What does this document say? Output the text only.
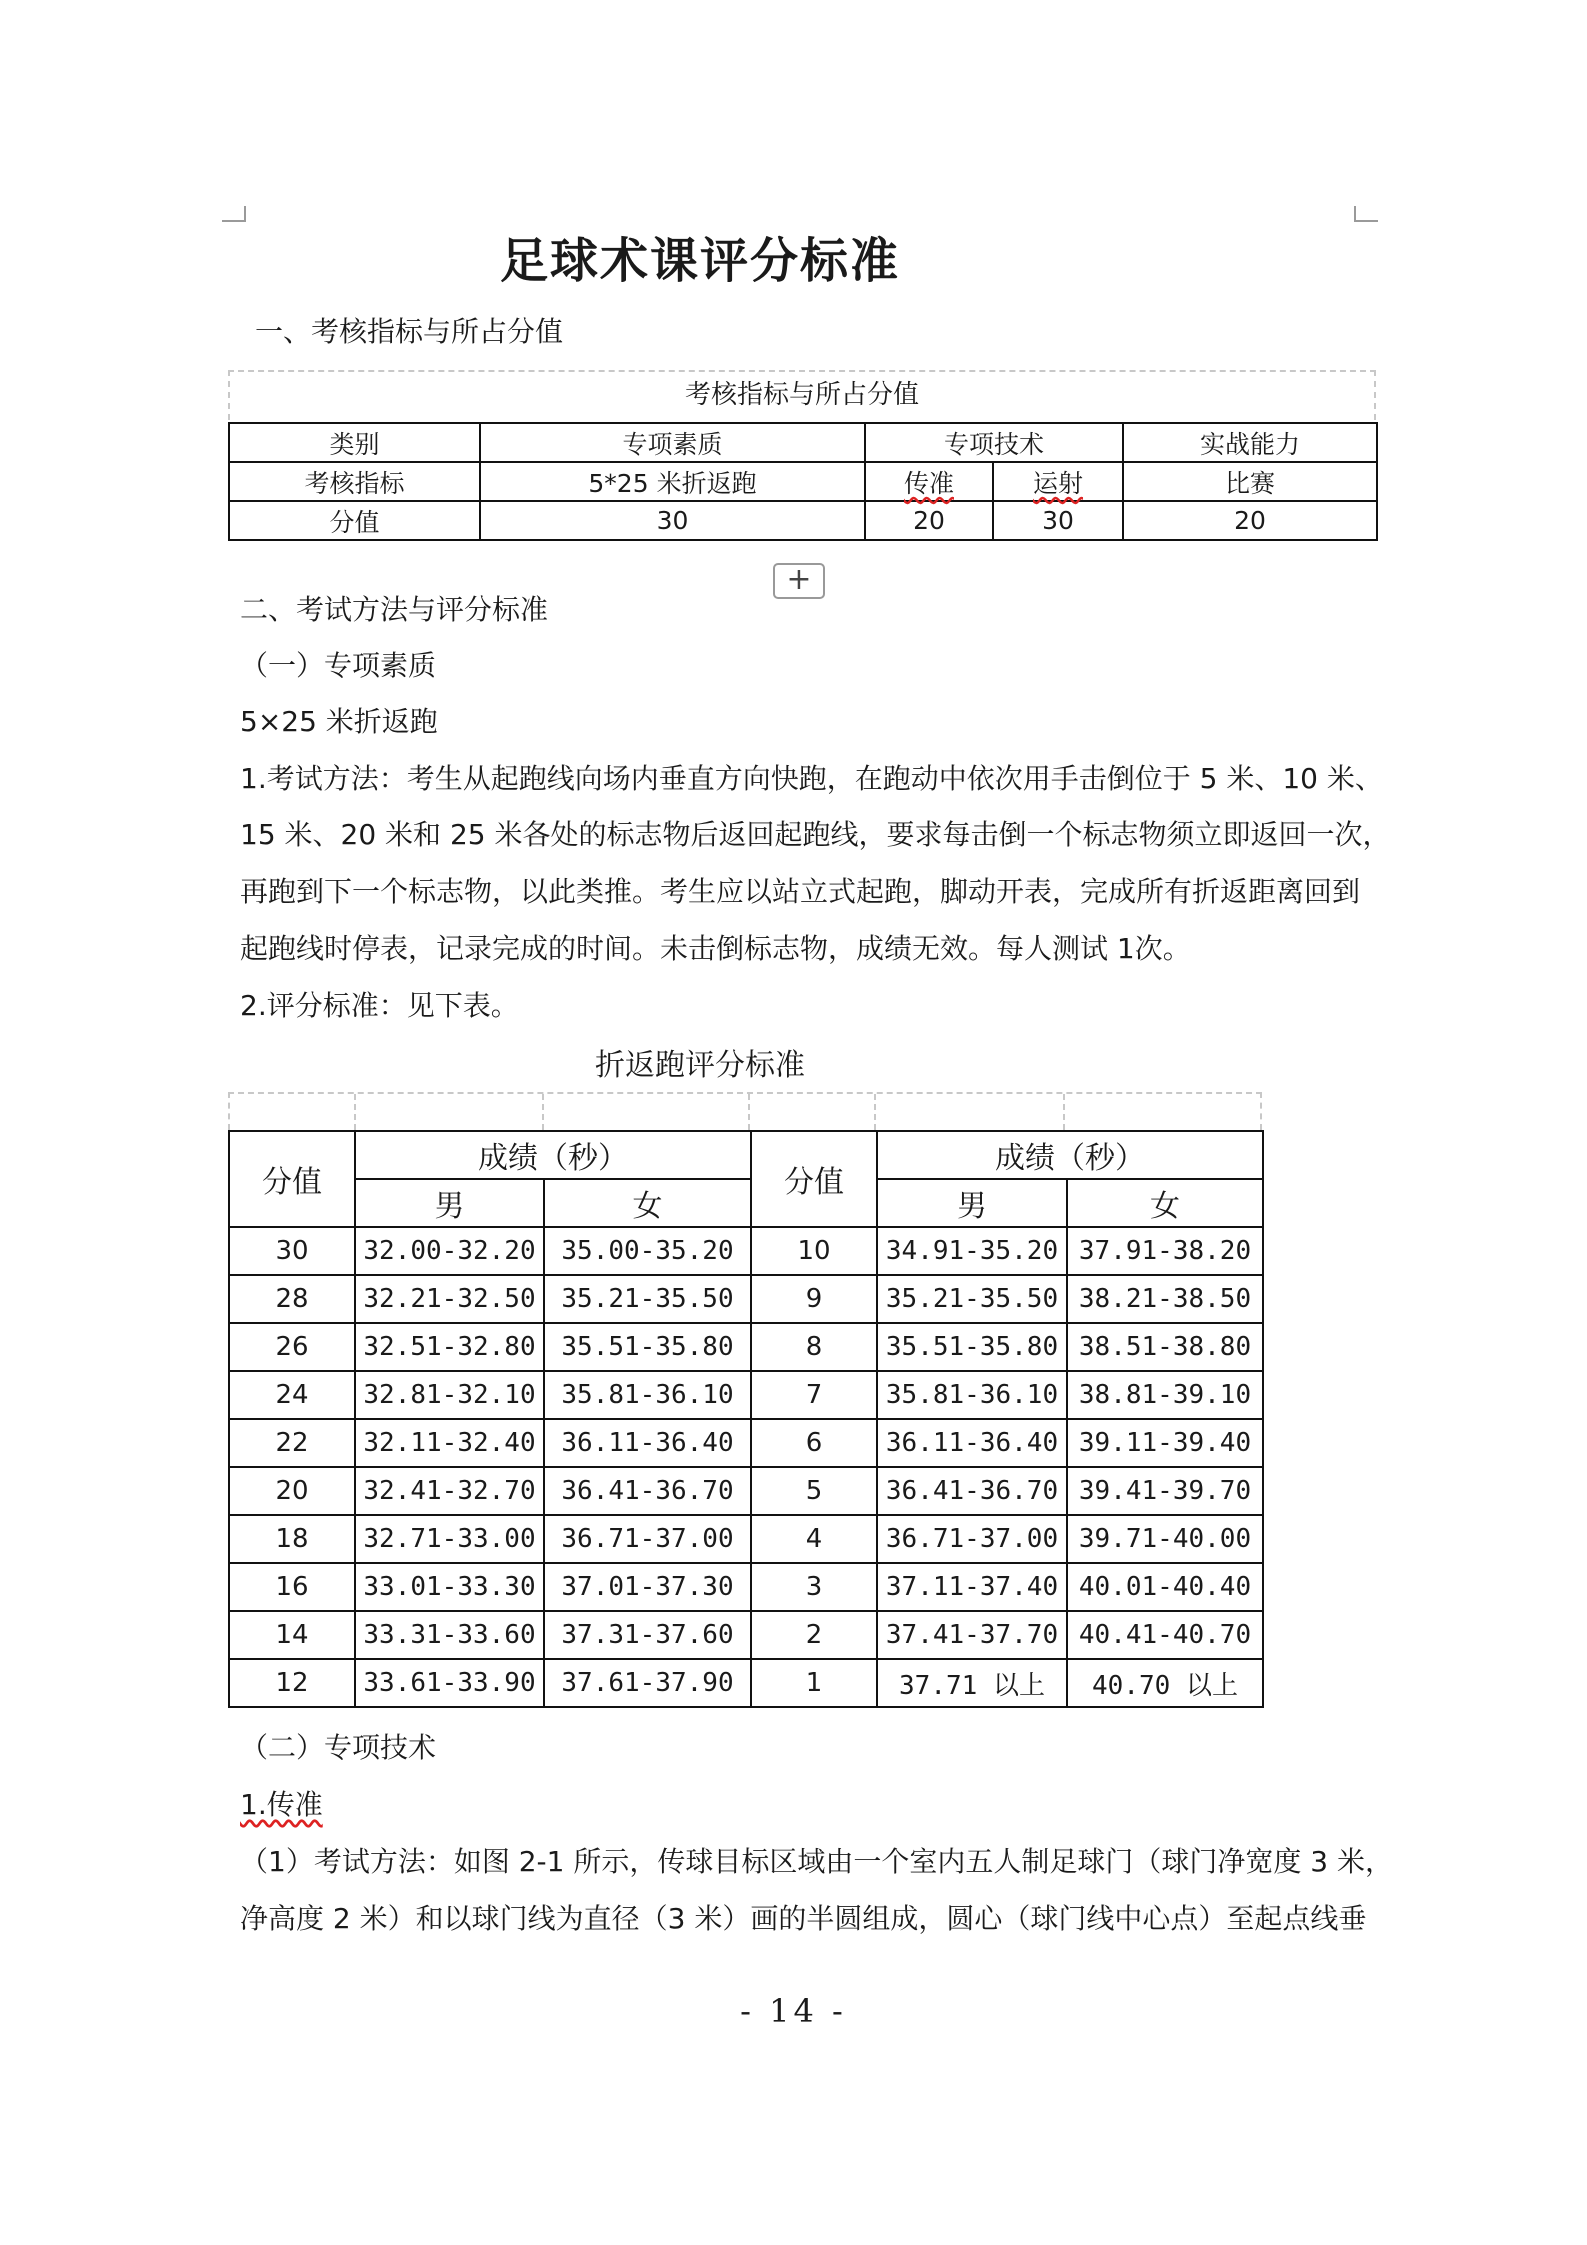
足球术课评分标准
一、考核指标与所占分值
考核指标与所占分值
类别	专项素质	专项技术		实战能力
考核指标	5*25 米折返跑	传准	运射	比赛
分值	30	20	30	20
+
二、考试方法与评分标准
（一）专项素质
5×25 米折返跑
1.考试方法：考生从起跑线向场内垂直方向快跑，在跑动中依次用手击倒位于 5 米、10 米、
15 米、20 米和 25 米各处的标志物后返回起跑线，要求每击倒一个标志物须立即返回一次，
再跑到下一个标志物，以此类推。考生应以站立式起跑，脚动开表，完成所有折返距离回到
起跑线时停表，记录完成的时间。未击倒标志物，成绩无效。每人测试 1次。
2.评分标准：见下表。
折返跑评分标准
分值	成绩（秒）		分值	成绩（秒）	
	男	女		男	女
30	32.00-32.20	35.00-35.20	10	34.91-35.20	37.91-38.20
28	32.21-32.50	35.21-35.50	9	35.21-35.50	38.21-38.50
26	32.51-32.80	35.51-35.80	8	35.51-35.80	38.51-38.80
24	32.81-32.10	35.81-36.10	7	35.81-36.10	38.81-39.10
22	32.11-32.40	36.11-36.40	6	36.11-36.40	39.11-39.40
20	32.41-32.70	36.41-36.70	5	36.41-36.70	39.41-39.70
18	32.71-33.00	36.71-37.00	4	36.71-37.00	39.71-40.00
16	33.01-33.30	37.01-37.30	3	37.11-37.40	40.01-40.40
14	33.31-33.60	37.31-37.60	2	37.41-37.70	40.41-40.70
12	33.61-33.90	37.61-37.90	1	37.71 以上	40.70 以上
（二）专项技术
1.传准
（1）考试方法：如图 2-1 所示，传球目标区域由一个室内五人制足球门（球门净宽度 3 米，
净高度 2 米）和以球门线为直径（3 米）画的半圆组成，圆心（球门线中心点）至起点线垂
- 14 -
